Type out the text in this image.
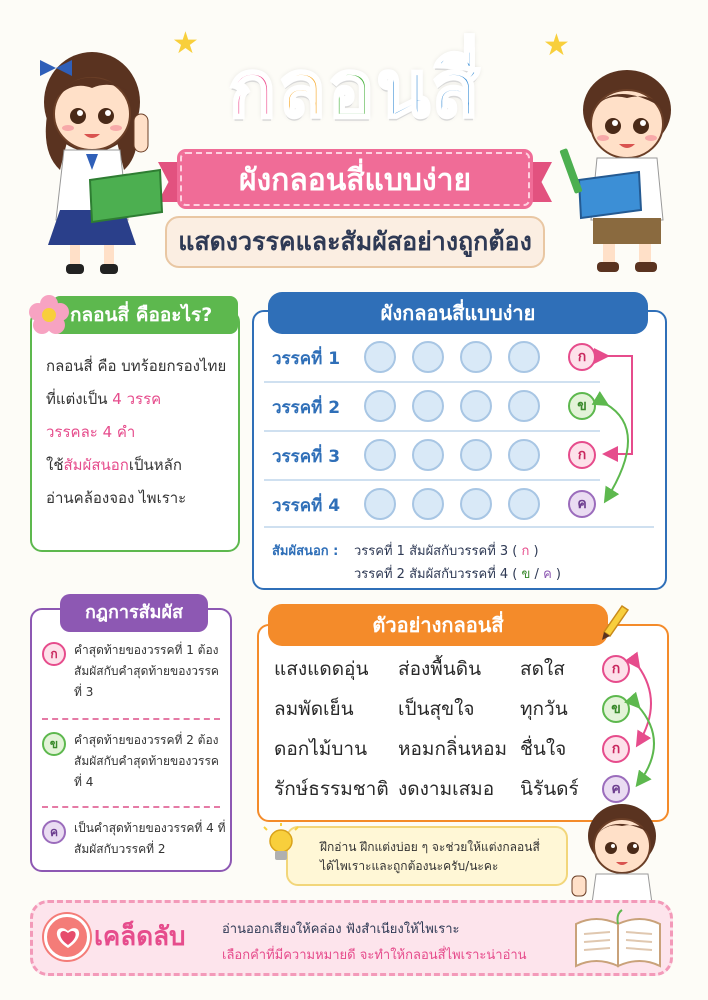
★	★
กลอนสี่
ผังกลอนสี่แบบง่าย
แสดงวรรคและสัมผัสอย่างถูกต้อง
กลอนสี่ คืออะไร?
กลอนสี่ คือ บทร้อยกรองไทย
ที่แต่งเป็น 4 วรรค
วรรคละ 4 คำ
ใช้สัมผัสนอกเป็นหลัก
อ่านคล้องจอง ไพเราะ
ผังกลอนสี่แบบง่าย
วรรคที่ 1	ก
วรรคที่ 2	ข
วรรคที่ 3	ก
วรรคที่ 4	ค
สัมผัสนอก : วรรคที่ 1 สัมผัสกับวรรคที่ 3 ( ก )
วรรคที่ 2 สัมผัสกับวรรคที่ 4 ( ข / ค )
กฎการสัมผัส
ก	คำสุดท้ายของวรรคที่ 1 ต้องสัมผัสกับคำสุดท้ายของวรรคที่ 3
ข	คำสุดท้ายของวรรคที่ 2 ต้องสัมผัสกับคำสุดท้ายของวรรคที่ 4
ค	เป็นคำสุดท้ายของวรรคที่ 4 ที่สัมผัสกับวรรคที่ 2
ตัวอย่างกลอนสี่
แสงแดดอุ่น ส่องพื้นดิน สดใส	ก
ลมพัดเย็น เป็นสุขใจ ทุกวัน	ข
ดอกไม้บาน หอมกลิ่นหอม ชื่นใจ	ก
รักษ์ธรรมชาติ งดงามเสมอ นิรันดร์	ค
ฝึกอ่าน ฝึกแต่งบ่อย ๆ จะช่วยให้แต่งกลอนสี่
ได้ไพเราะและถูกต้องนะครับ/นะคะ
เคล็ดลับ	อ่านออกเสียงให้คล่อง ฟังสำเนียงให้ไพเราะ
เลือกคำที่มีความหมายดี จะทำให้กลอนสี่ไพเราะน่าอ่าน
